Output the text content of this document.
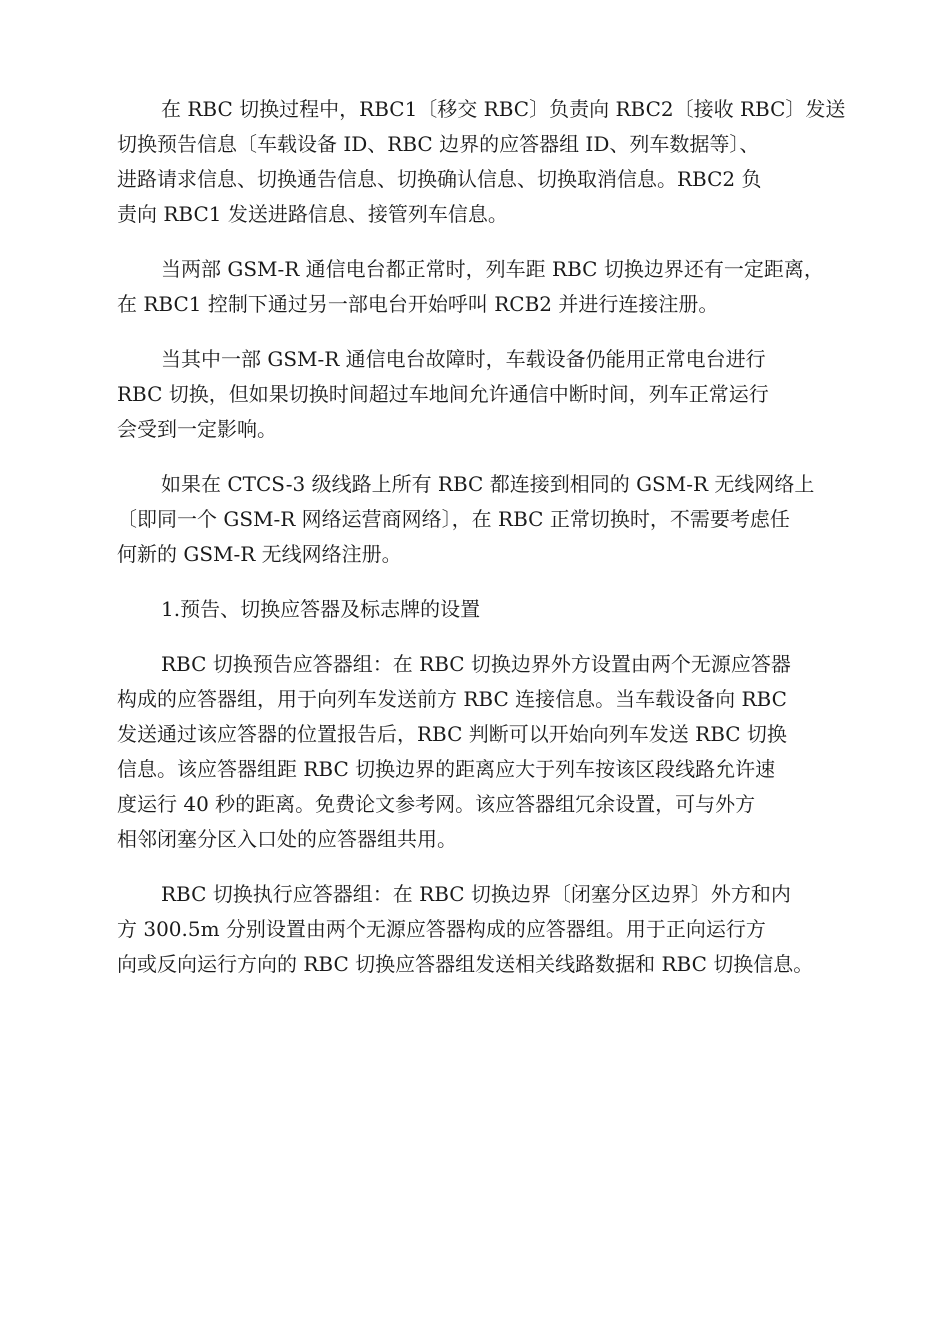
在 RBC 切换过程中，RBC1〔移交 RBC〕负责向 RBC2〔接收 RBC〕发送
切换预告信息〔车载设备 ID、RBC 边界的应答器组 ID、列车数据等〕、
进路请求信息、切换通告信息、切换确认信息、切换取消信息。RBC2 负
责向 RBC1 发送进路信息、接管列车信息。
当两部 GSM-R 通信电台都正常时，列车距 RBC 切换边界还有一定距离，
在 RBC1 控制下通过另一部电台开始呼叫 RCB2 并进行连接注册。
当其中一部 GSM-R 通信电台故障时，车载设备仍能用正常电台进行
RBC 切换，但如果切换时间超过车地间允许通信中断时间，列车正常运行
会受到一定影响。
如果在 CTCS-3 级线路上所有 RBC 都连接到相同的 GSM-R 无线网络上
〔即同一个 GSM-R 网络运营商网络〕，在 RBC 正常切换时，不需要考虑任
何新的 GSM-R 无线网络注册。
1.预告、切换应答器及标志牌的设置
RBC 切换预告应答器组：在 RBC 切换边界外方设置由两个无源应答器
构成的应答器组，用于向列车发送前方 RBC 连接信息。当车载设备向 RBC
发送通过该应答器的位置报告后，RBC 判断可以开始向列车发送 RBC 切换
信息。该应答器组距 RBC 切换边界的距离应大于列车按该区段线路允许速
度运行 40 秒的距离。免费论文参考网。该应答器组冗余设置，可与外方
相邻闭塞分区入口处的应答器组共用。
RBC 切换执行应答器组：在 RBC 切换边界〔闭塞分区边界〕外方和内
方 300.5m 分别设置由两个无源应答器构成的应答器组。用于正向运行方
向或反向运行方向的 RBC 切换应答器组发送相关线路数据和 RBC 切换信息。
